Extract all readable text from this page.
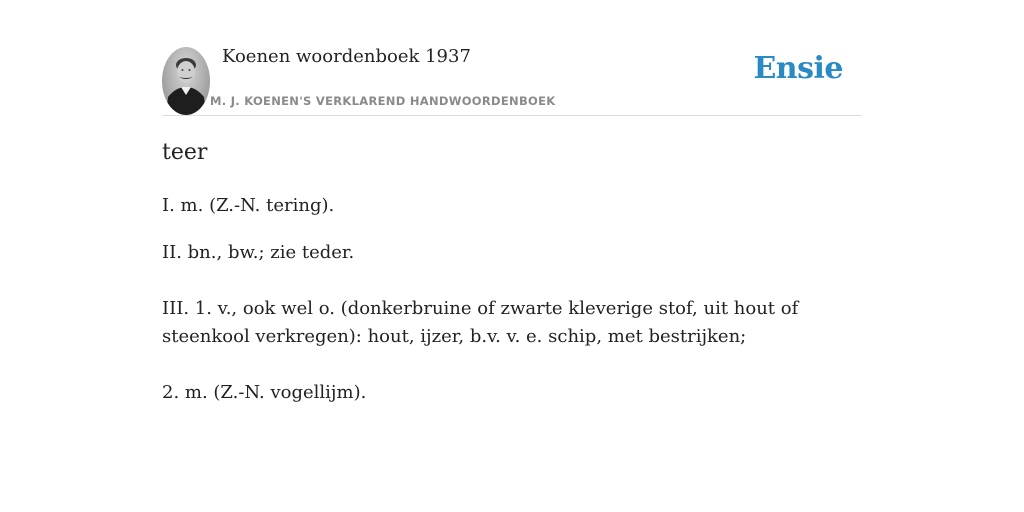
Koenen woordenboek 1937
M. J. KOENEN'S VERKLAREND HANDWOORDENBOEK
Ensie
teer
I. m. (Z.-N. tering).
II. bn., bw.; zie teder.
III. 1. v., ook wel o. (donkerbruine of zwarte kleverige stof, uit hout of steenkool verkregen): hout, ijzer, b.v. v. e. schip, met bestrijken;
2. m. (Z.-N. vogellijm).
